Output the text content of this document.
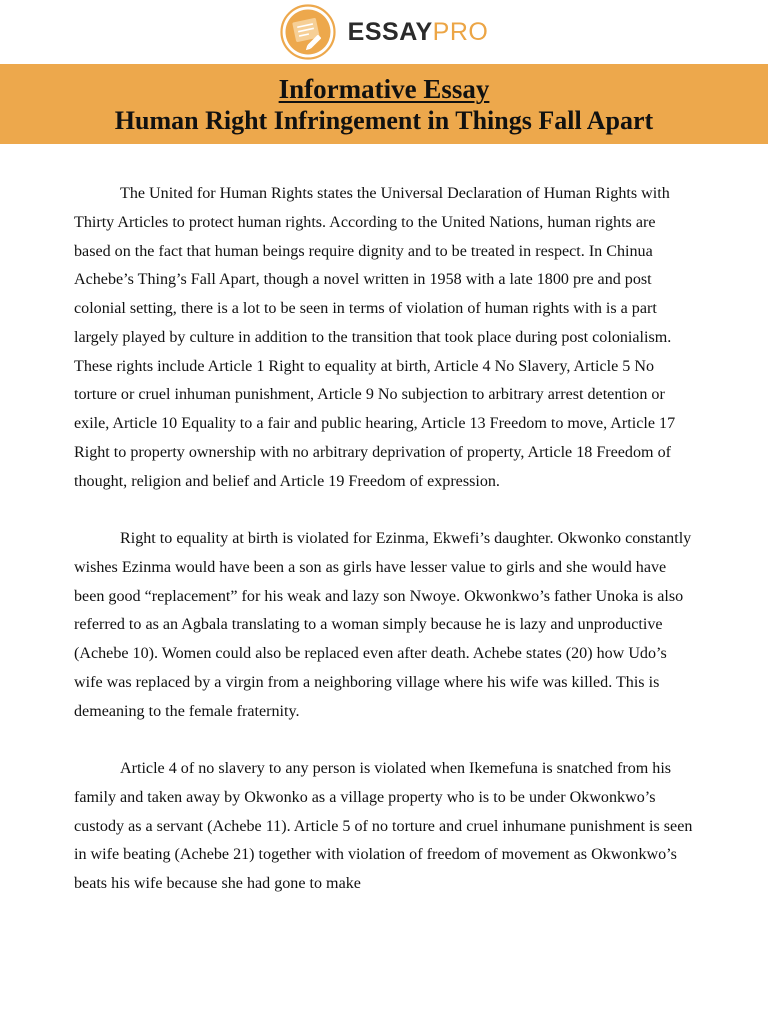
ESSAYPRO
Informative Essay
Human Right Infringement in Things Fall Apart

The United for Human Rights states the Universal Declaration of Human Rights with Thirty Articles to protect human rights. According to the United Nations, human rights are based on the fact that human beings require dignity and to be treated in respect. In Chinua Achebe’s Thing’s Fall Apart, though a novel written in 1958 with a late 1800 pre and post colonial setting, there is a lot to be seen in terms of violation of human rights with is a part largely played by culture in addition to the transition that took place during post colonialism. These rights include Article 1 Right to equality at birth, Article 4 No Slavery, Article 5 No torture or cruel inhuman punishment, Article 9 No subjection to arbitrary arrest detention or exile, Article 10 Equality to a fair and public hearing, Article 13 Freedom to move, Article 17 Right to property ownership with no arbitrary deprivation of property, Article 18 Freedom of thought, religion and belief and Article 19 Freedom of expression.

Right to equality at birth is violated for Ezinma, Ekwefi’s daughter. Okwonko constantly wishes Ezinma would have been a son as girls have lesser value to girls and she would have been good “replacement” for his weak and lazy son Nwoye. Okwonkwo’s father Unoka is also referred to as an Agbala translating to a woman simply because he is lazy and unproductive (Achebe 10). Women could also be replaced even after death. Achebe states (20) how Udo’s wife was replaced by a virgin from a neighboring village where his wife was killed. This is demeaning to the female fraternity.

Article 4 of no slavery to any person is violated when Ikemefuna is snatched from his family and taken away by Okwonko as a village property who is to be under Okwonkwo’s custody as a servant (Achebe 11). Article 5 of no torture and cruel inhumane punishment is seen in wife beating (Achebe 21) together with violation of freedom of movement as Okwonkwo’s beats his wife because she had gone to make
